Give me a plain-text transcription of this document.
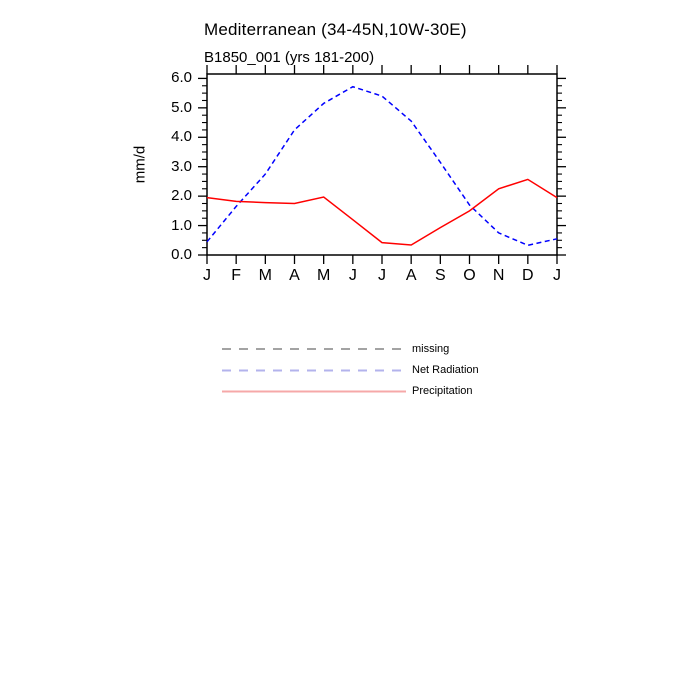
Mediterranean (34-45N,10W-30E)
B1850_001 (yrs 181-200)
mm/d
6.0
5.0
4.0
3.0
2.0
1.0
0.0
J	F	M	A	M	J	J	A	S	O	N	D	J
missing
Net Radiation
Precipitation
